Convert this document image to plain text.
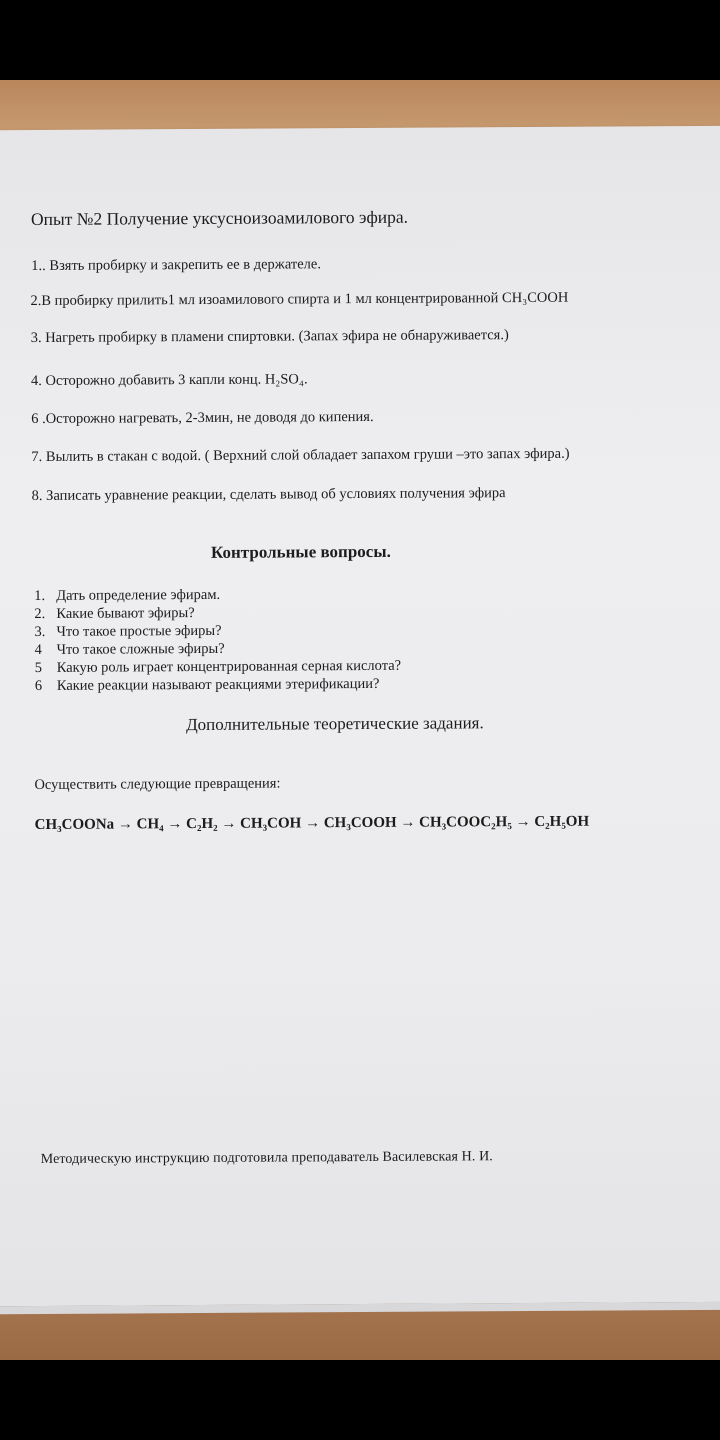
Опыт №2 Получение уксусноизоамилового эфира.
1.. Взять пробирку и закрепить ее в держателе.
2.В пробирку прилить1 мл изоамилового спирта и 1 мл концентрированной CH₃COOH
3. Нагреть пробирку в пламени спиртовки. (Запах эфира не обнаруживается.)
4. Осторожно добавить 3 капли конц. H₂SO₄.
6 .Осторожно нагревать, 2-3мин, не доводя до кипения.
7. Вылить в стакан с водой. ( Верхний слой обладает запахом груши –это запах эфира.)
8. Записать уравнение реакции, сделать вывод об условиях получения эфира
Контрольные вопросы.
1. Дать определение эфирам.
2. Какие бывают эфиры?
3. Что такое простые эфиры?
4 Что такое сложные эфиры?
5 Какую роль играет концентрированная серная кислота?
6 Какие реакции называют реакциями этерификации?
Дополнительные теоретические задания.
Осуществить следующие превращения:
CH₃COONa → CH₄ → C₂H₂ → CH₃COH → CH₃COOH → CH₃COOC₂H₅ → C₂H₅OH
Методическую инструкцию подготовила преподаватель Василевская Н. И.
